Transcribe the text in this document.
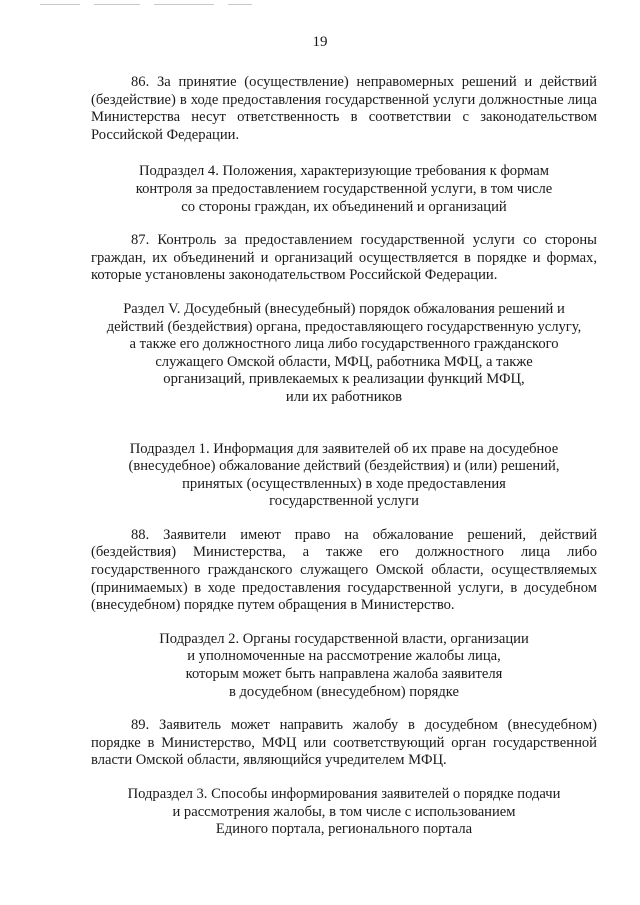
19

86. За принятие (осуществление) неправомерных решений и действий (бездействие) в ходе предоставления государственной услуги должностные лица Министерства несут ответственность в соответствии с законодательством Российской Федерации.

Подраздел 4. Положения, характеризующие требования к формам
контроля за предоставлением государственной услуги, в том числе
со стороны граждан, их объединений и организаций

87. Контроль за предоставлением государственной услуги со стороны граждан, их объединений и организаций осуществляется в порядке и формах, которые установлены законодательством Российской Федерации.

Раздел V. Досудебный (внесудебный) порядок обжалования решений и
действий (бездействия) органа, предоставляющего государственную услугу,
а также его должностного лица либо государственного гражданского
служащего Омской области, МФЦ, работника МФЦ, а также
организаций, привлекаемых к реализации функций МФЦ,
или их работников
Подраздел 1. Информация для заявителей об их праве на досудебное
(внесудебное) обжалование действий (бездействия) и (или) решений,
принятых (осуществленных) в ходе предоставления
государственной услуги

88. Заявители имеют право на обжалование решений, действий (бездействия) Министерства, а также его должностного лица либо государственного гражданского служащего Омской области, осуществляемых (принимаемых) в ходе предоставления государственной услуги, в досудебном (внесудебном) порядке путем обращения в Министерство.

Подраздел 2. Органы государственной власти, организации
и уполномоченные на рассмотрение жалобы лица,
которым может быть направлена жалоба заявителя
в досудебном (внесудебном) порядке

89. Заявитель может направить жалобу в досудебном (внесудебном) порядке в Министерство, МФЦ или соответствующий орган государственной власти Омской области, являющийся учредителем МФЦ.

Подраздел 3. Способы информирования заявителей о порядке подачи
и рассмотрения жалобы, в том числе с использованием
Единого портала, регионального портала
